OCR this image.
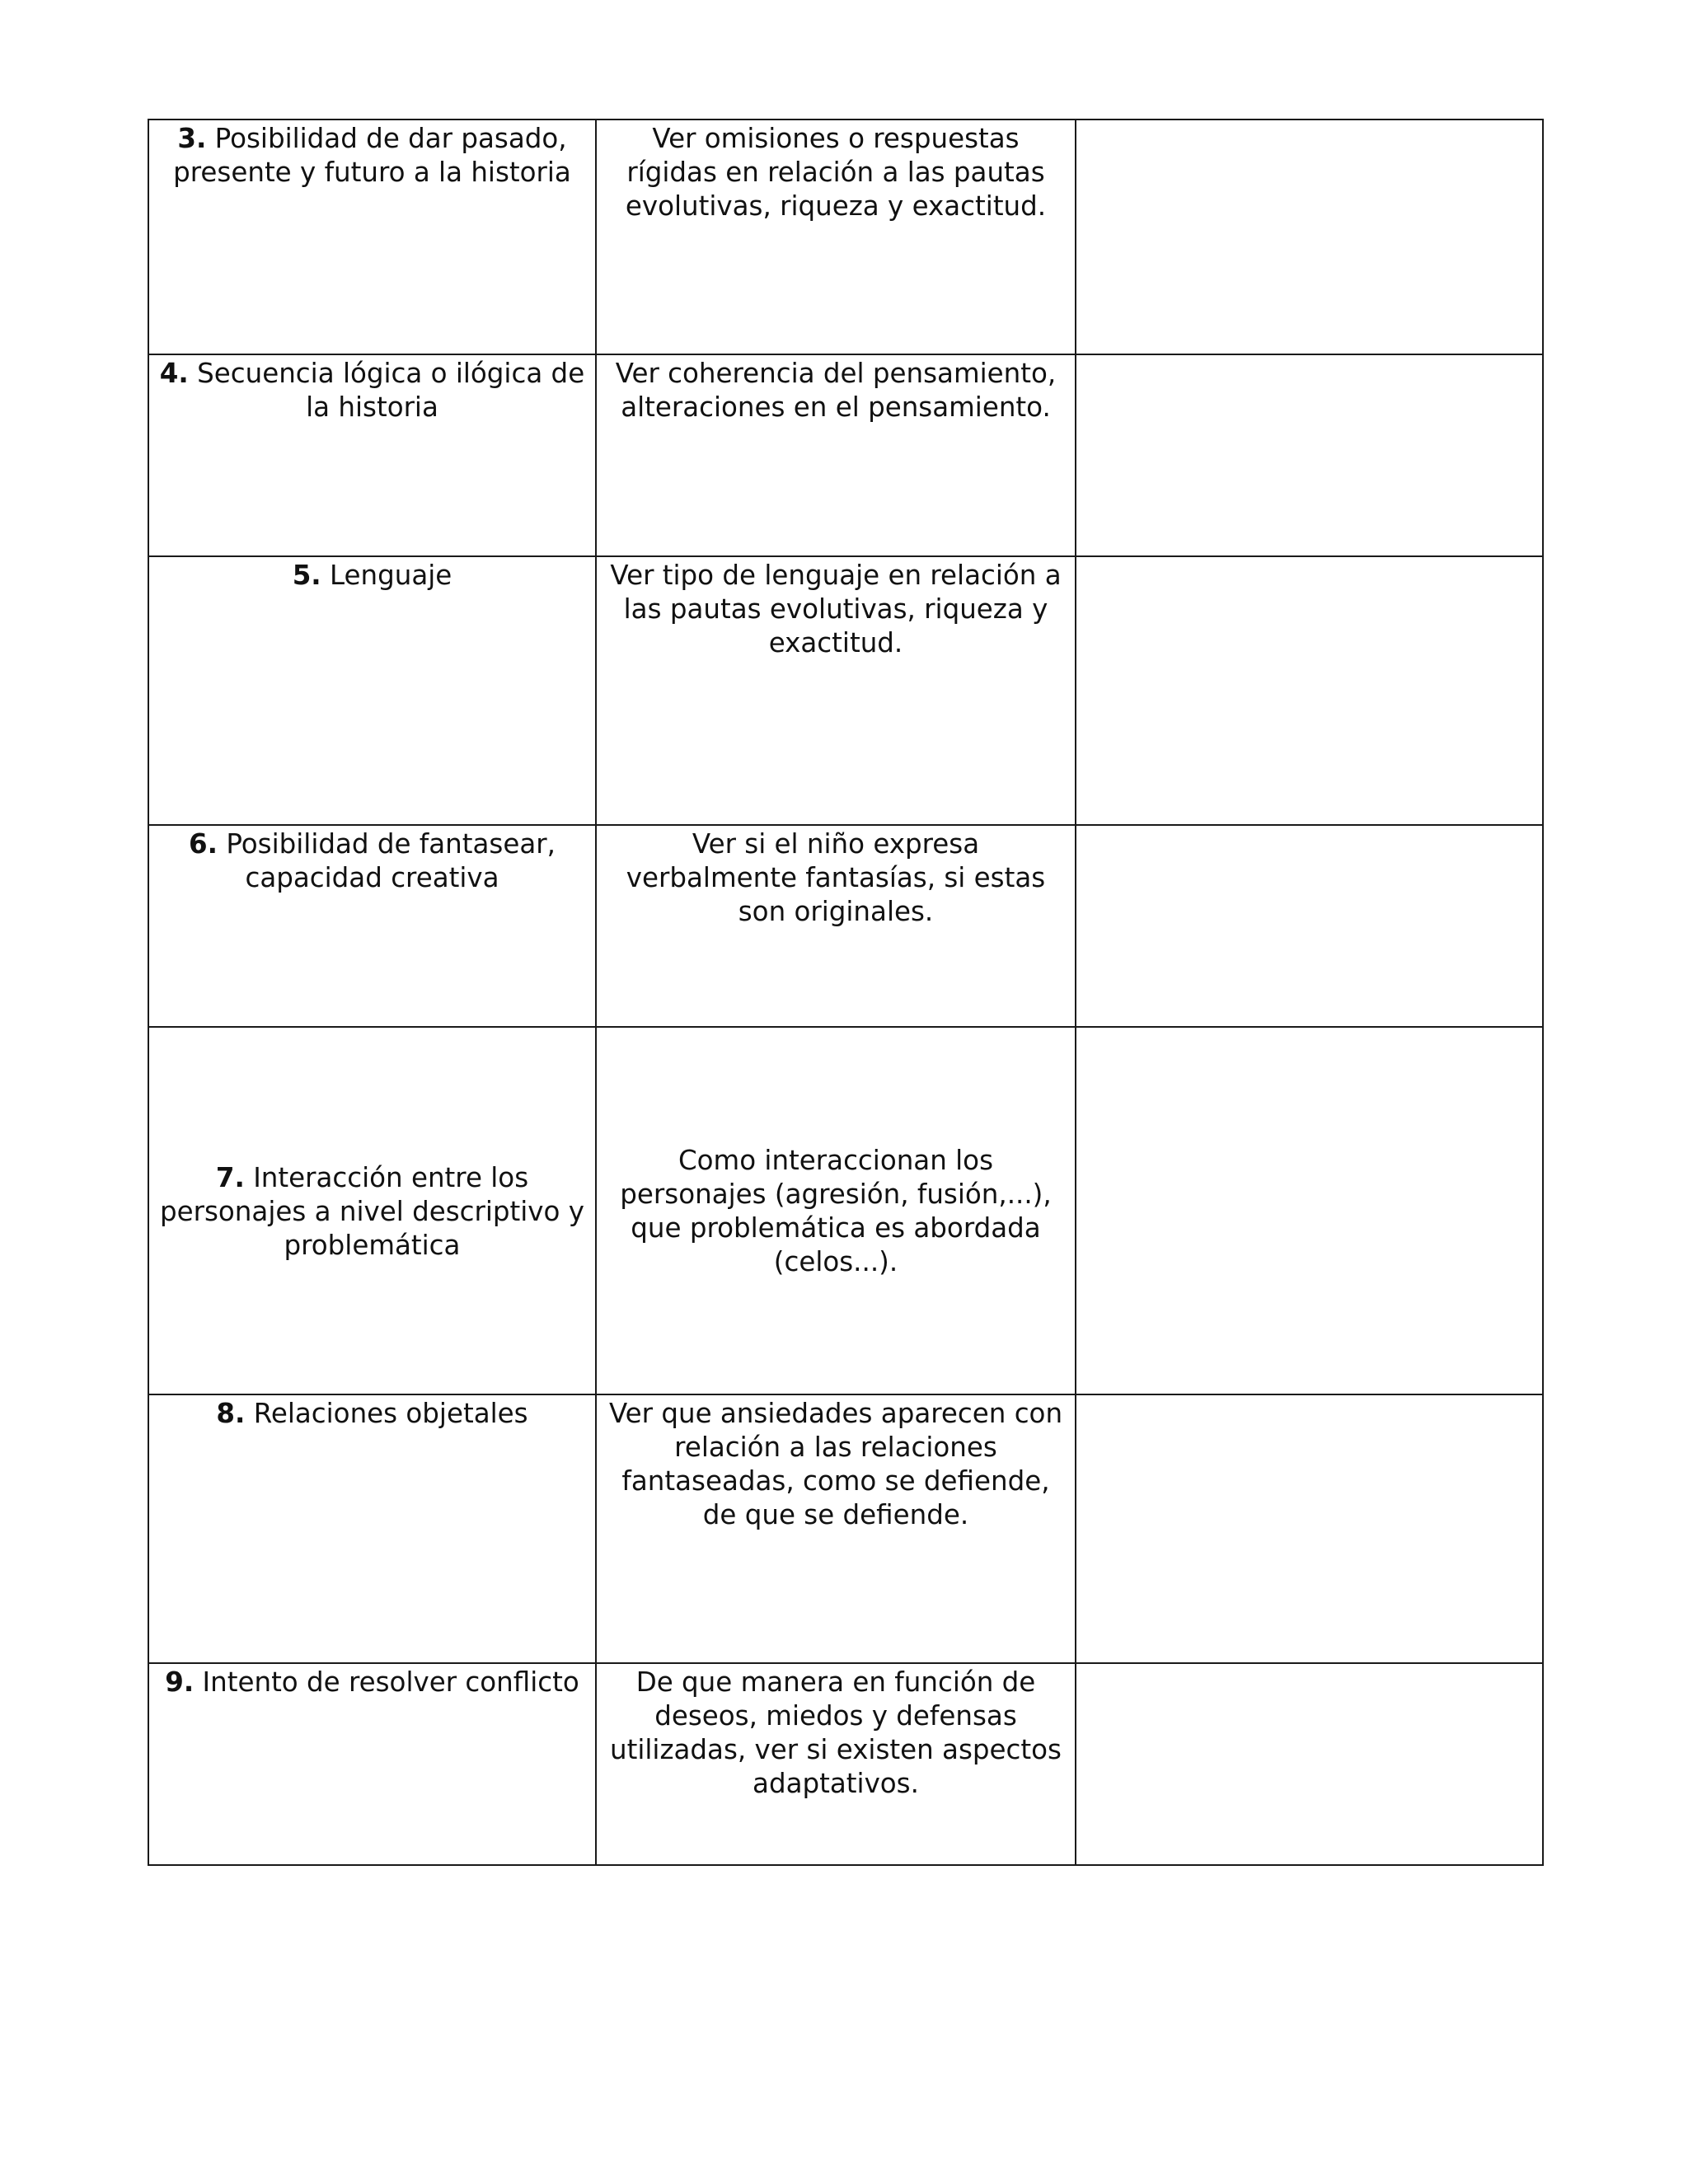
3. Posibilidad de dar pasado, presente y futuro a la historia	Ver omisiones o respuestas rígidas en relación a las pautas evolutivas, riqueza y exactitud.	
4. Secuencia lógica o ilógica de la historia	Ver coherencia del pensamiento, alteraciones en el pensamiento.	
5. Lenguaje	Ver tipo de lenguaje en relación a las pautas evolutivas, riqueza y exactitud.	
6. Posibilidad de fantasear, capacidad creativa	Ver si el niño expresa verbalmente fantasías, si estas son originales.	
7. Interacción entre los personajes a nivel descriptivo y problemática	Como interaccionan los personajes (agresión, fusión,...), que problemática es abordada (celos...).	
8. Relaciones objetales	Ver que ansiedades aparecen con relación a las relaciones fantaseadas, como se defiende, de que se defiende.	
9. Intento de resolver conflicto	De que manera en función de deseos, miedos y defensas utilizadas, ver si existen aspectos adaptativos.	
